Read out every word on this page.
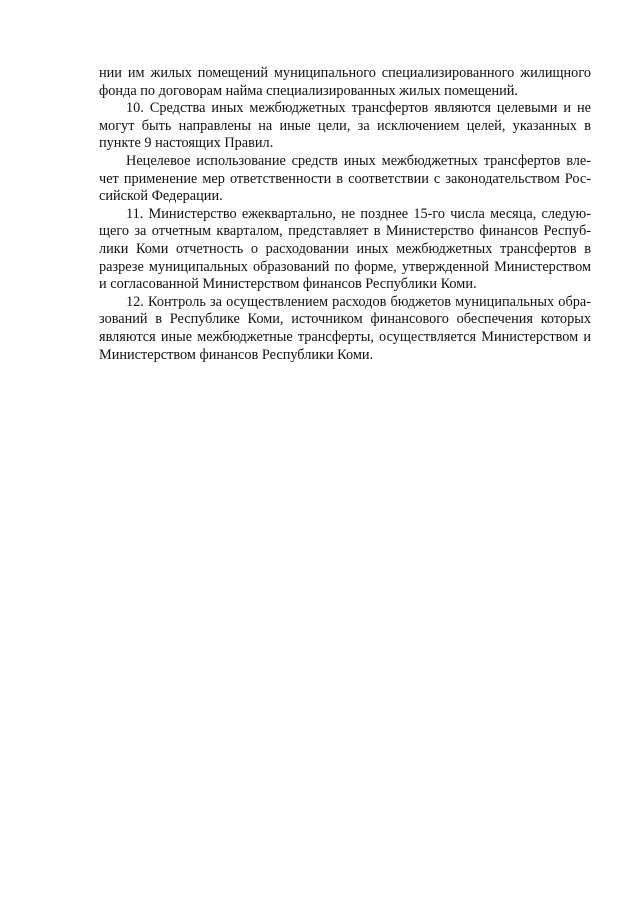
нии им жилых помещений муниципального специализированного жилищного
фонда по договорам найма специализированных жилых помещений.

10. Средства иных межбюджетных трансфертов являются целевыми и не
могут быть направлены на иные цели, за исключением целей, указанных в
пункте 9 настоящих Правил.

Нецелевое использование средств иных межбюджетных трансфертов вле-
чет применение мер ответственности в соответствии с законодательством Рос-
сийской Федерации.

11. Министерство ежеквартально, не позднее 15-го числа месяца, следую-
щего за отчетным кварталом, представляет в Министерство финансов Респуб-
лики Коми отчетность о расходовании иных межбюджетных трансфертов в
разрезе муниципальных образований по форме, утвержденной Министерством
и согласованной Министерством финансов Республики Коми.

12. Контроль за осуществлением расходов бюджетов муниципальных обра-
зований в Республике Коми, источником финансового обеспечения которых
являются иные межбюджетные трансферты, осуществляется Министерством и
Министерством финансов Республики Коми.
